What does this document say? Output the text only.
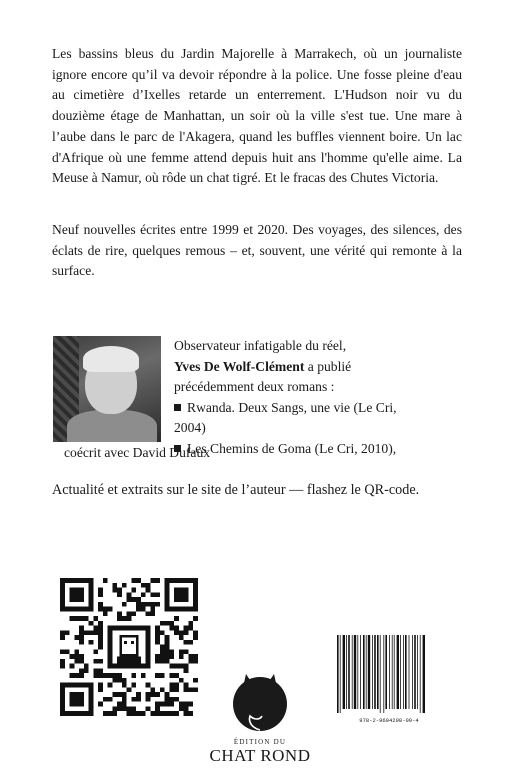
Les bassins bleus du Jardin Majorelle à Marrakech, où un journaliste ignore encore qu’il va devoir répondre à la police. Une fosse pleine d'eau au cimetière d’Ixelles retarde un enterrement. L'Hudson noir vu du douzième étage de Manhattan, un soir où la ville s'est tue. Une mare à l’aube dans le parc de l'Akagera, quand les buffles viennent boire. Un lac d'Afrique où une femme attend depuis huit ans l'homme qu'elle aime. La Meuse à Namur, où rôde un chat tigré. Et le fracas des Chutes Victoria.

Neuf nouvelles écrites entre 1999 et 2020. Des voyages, des silences, des éclats de rire, quelques remous – et, souvent, une vérité qui remonte à la surface.

Observateur infatigable du réel,
Yves De Wolf-Clément a publié
précédemment deux romans :
Rwanda. Deux Sangs, une vie (Le Cri,
2004)
Les Chemins de Goma (Le Cri, 2010),
coécrit avec David Dufaux

Actualité et extraits sur le site de l’auteur — flashez le QR-code.

ÉDITION DU
CHAT ROND
978-2-9604298-09-4
